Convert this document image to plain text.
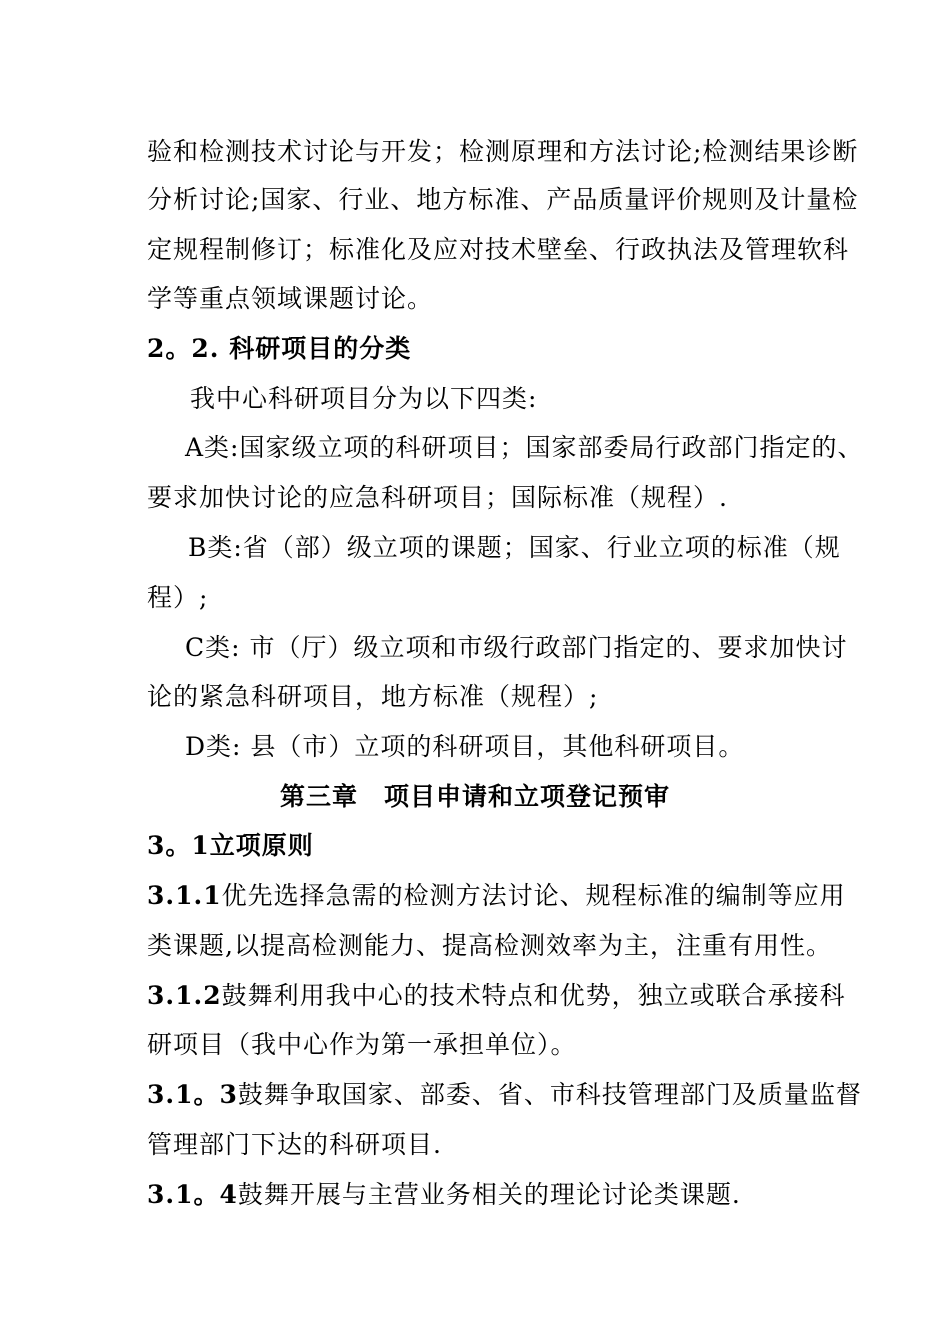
验和检测技术讨论与开发；检测原理和方法讨论;检测结果诊断
分析讨论;国家、行业、地方标准、产品质量评价规则及计量检
定规程制修订；标准化及应对技术壁垒、行政执法及管理软科
学等重点领域课题讨论。
2。2. 科研项目的分类
我中心科研项目分为以下四类:
A类:国家级立项的科研项目；国家部委局行政部门指定的、
要求加快讨论的应急科研项目；国际标准（规程）.
B类:省（部）级立项的课题；国家、行业立项的标准（规
程）;
C类: 市（厅）级立项和市级行政部门指定的、要求加快讨
论的紧急科研项目，地方标准（规程）;
D类: 县（市）立项的科研项目，其他科研项目。
第三章　项目申请和立项登记预审
3。1立项原则
3.1.1优先选择急需的检测方法讨论、规程标准的编制等应用
类课题,以提高检测能力、提高检测效率为主，注重有用性。
3.1.2鼓舞利用我中心的技术特点和优势，独立或联合承接科
研项目（我中心作为第一承担单位）。
3.1。3鼓舞争取国家、部委、省、市科技管理部门及质量监督
管理部门下达的科研项目.
3.1。4鼓舞开展与主营业务相关的理论讨论类课题.
